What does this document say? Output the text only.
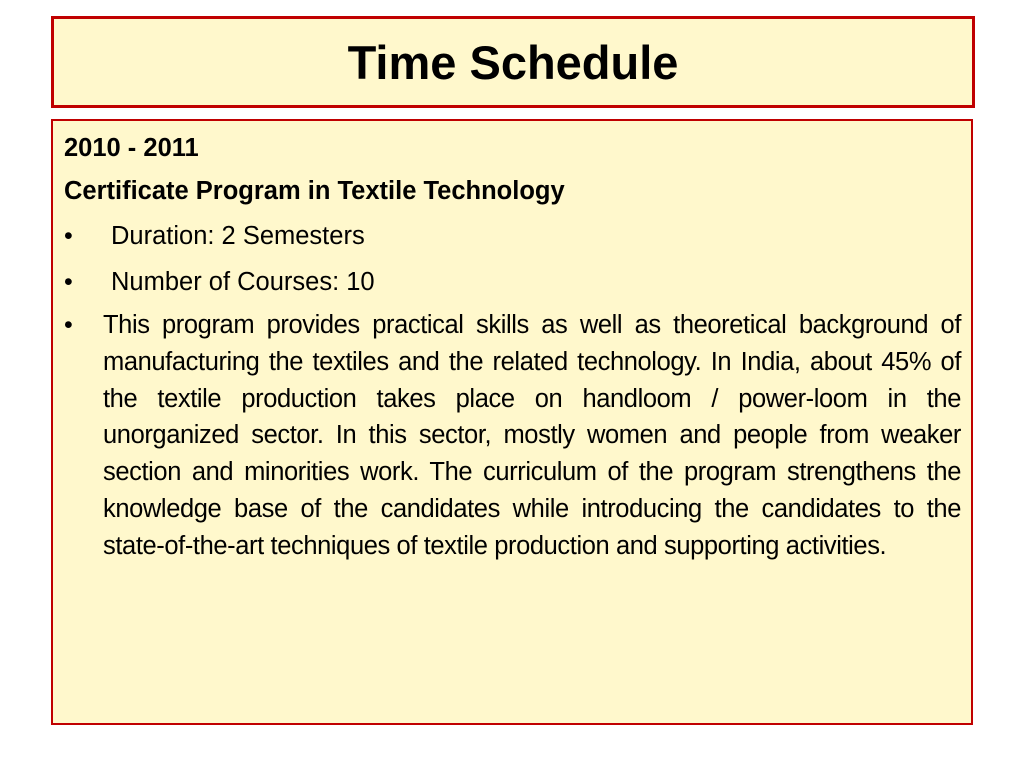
Time Schedule

2010 - 2011

Certificate Program in Textile Technology

• Duration: 2 Semesters
• Number of Courses: 10
• This program provides practical skills as well as theoretical background of manufacturing the textiles and the related technology. In India, about 45% of the textile production takes place on handloom / power-loom in the unorganized sector. In this sector, mostly women and people from weaker section and minorities work. The curriculum of the program strengthens the knowledge base of the candidates while introducing the candidates to the state-of-the-art techniques of textile production and supporting activities.
